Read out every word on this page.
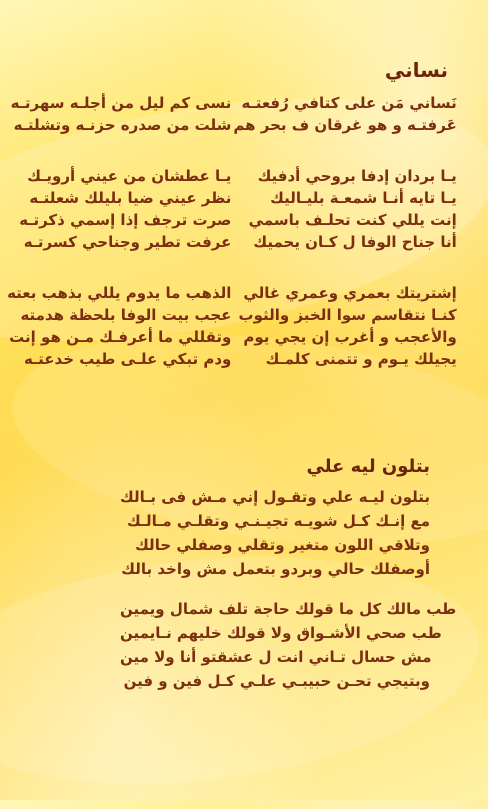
نساني
نسى كم ليل من أجلـه سهرتـه
شلت من صدره حزنـه وتشلتـه
نَساني مَن على كتافي رُفعتـه
عَرفتـه و هو غرقان ف بحر هم
يـا عطشان من عيني أرويـك
نظر عيني ضيا بليلك شعلتـه
صرت ترجف إذا إسمي ذكرتـه
عرفت تطير وجناحي كسرتـه
يـا بردان إدفا بروحي أدفيك
يـا تايه أنـا شمعـة بليـاليك
إنت يللي كنت تحلـف باسمي
أنا جناح الوفا ل كـان يحميك
الذهب ما يدوم يللي بذهب بعته
عجب بيت الوفا بلحظة هدمته
وتقللي ما أعرفـك مـن هو إنت
ودم تبكي علـى طيب خدعتـه
إشتريتك بعمري وعمري غالي
كنـا نتقاسم سوا الخبز والثوب
والأعجب و أغرب إن يجي يوم
يجيلك يـوم و تتمنى كلمـك
بتلون ليه علي
بتلون ليـه علي وتقـول إني مـش فى بـالك
مع إنـك كـل شويـه تجيـنـي وتقلـي مـالـك
وتلاقي اللون متغير وتقلي وصفلي حالك
أوصفلك حالي وبردو بتعمل مش واخد بالك
طب مالك كل ما قولك حاجة تلف شمال ويمين
طب صحي الأشـواق ولا قولك خليهم نـايمين
مش حسال تـاني انت ل عشقتو أنا ولا مين
وبتيجي تحـن حبيبـي علـي كـل فين و فين
